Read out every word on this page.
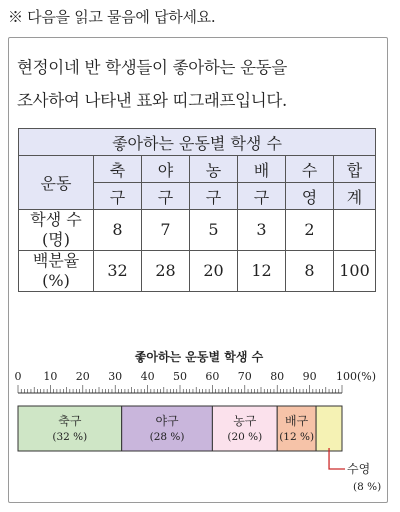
※ 다음을 읽고 물음에 답하세요.
현정이네 반 학생들이 좋아하는 운동을
조사하여 나타낸 표와 띠그래프입니다.
좋아하는 운동별 학생 수						
운동	축	야	농	배	수	합
	구	구	구	구	영	계

학생 수
(명)	8	7	5	3	2	

백분율
(%)	32	28	20	12	8	100
좋아하는 운동별 학생 수
0 10 20 30 40 50 60 70 80 90 100(%)
축구
(32 %)
야구
(28 %)
농구
(20 %)
배구
(12 %)
수영
(8 %)
